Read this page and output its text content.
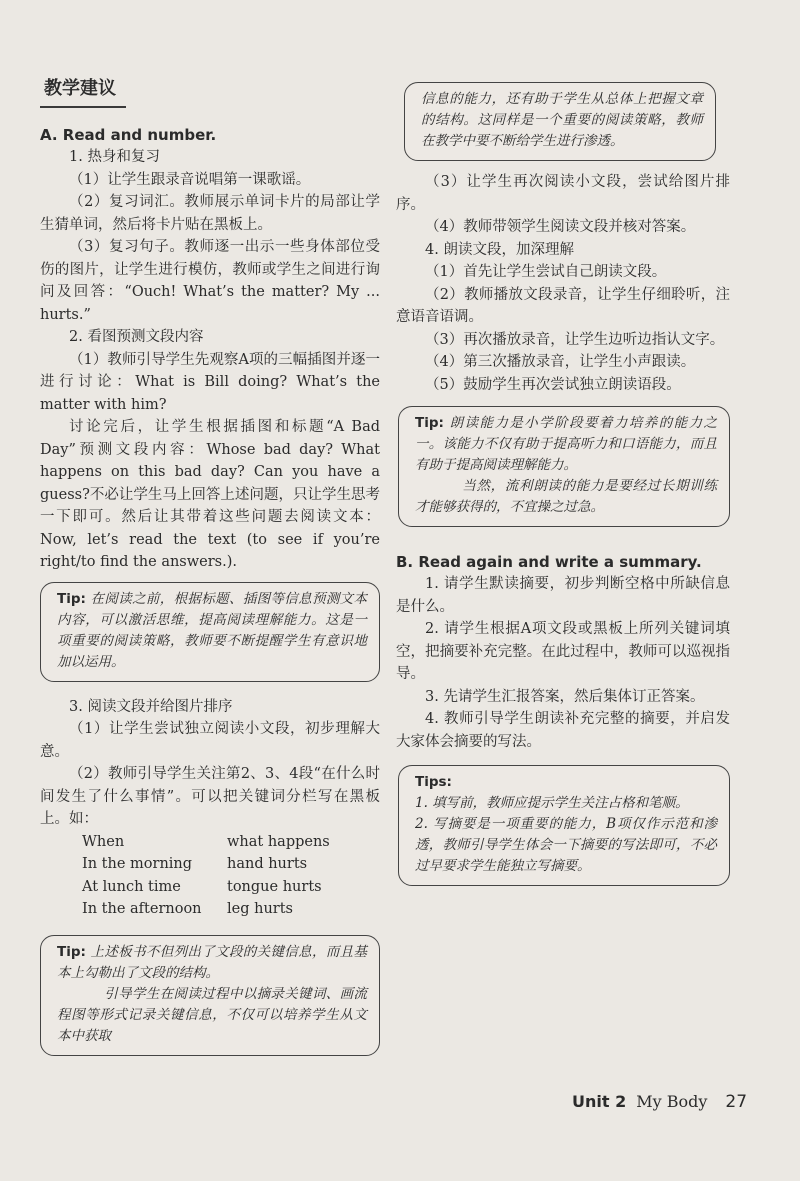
教学建议

A. Read and number.

1. 热身和复习

（1）让学生跟录音说唱第一课歌谣。

（2）复习词汇。教师展示单词卡片的局部让学生猜单词，然后将卡片贴在黑板上。

（3）复习句子。教师逐一出示一些身体部位受伤的图片，让学生进行模仿，教师或学生之间进行询问及回答：“Ouch! What’s the matter? My ... hurts.”

2. 看图预测文段内容

（1）教师引导学生先观察A项的三幅插图并逐一进行讨论：What is Bill doing? What’s the matter with him?

讨论完后，让学生根据插图和标题“A Bad Day”预测文段内容：Whose bad day? What happens on this bad day? Can you have a guess?不必让学生马上回答上述问题，只让学生思考一下即可。然后让其带着这些问题去阅读文本：Now, let’s read the text (to see if you’re right/to find the answers.).

Tip: 在阅读之前，根据标题、插图等信息预测文本内容，可以激活思维，提高阅读理解能力。这是一项重要的阅读策略，教师要不断提醒学生有意识地加以运用。

3. 阅读文段并给图片排序

（1）让学生尝试独立阅读小文段，初步理解大意。

（2）教师引导学生关注第2、3、4段“在什么时间发生了什么事情”。可以把关键词分栏写在黑板上。如：

When	what happens
In the morning	hand hurts
At lunch time	tongue hurts
In the afternoon	leg hurts

Tip: 上述板书不但列出了文段的关键信息，而且基本上勾勒出了文段的结构。

引导学生在阅读过程中以摘录关键词、画流程图等形式记录关键信息，不仅可以培养学生从文本中获取

信息的能力，还有助于学生从总体上把握文章的结构。这同样是一个重要的阅读策略，教师在教学中要不断给学生进行渗透。

（3）让学生再次阅读小文段，尝试给图片排序。

（4）教师带领学生阅读文段并核对答案。

4. 朗读文段，加深理解

（1）首先让学生尝试自己朗读文段。

（2）教师播放文段录音，让学生仔细聆听，注意语音语调。

（3）再次播放录音，让学生边听边指认文字。

（4）第三次播放录音，让学生小声跟读。

（5）鼓励学生再次尝试独立朗读语段。

Tip: 朗读能力是小学阶段要着力培养的能力之一。该能力不仅有助于提高听力和口语能力，而且有助于提高阅读理解能力。

当然，流利朗读的能力是要经过长期训练才能够获得的，不宜操之过急。

B. Read again and write a summary.

1. 请学生默读摘要，初步判断空格中所缺信息是什么。

2. 请学生根据A项文段或黑板上所列关键词填空，把摘要补充完整。在此过程中，教师可以巡视指导。

3. 先请学生汇报答案，然后集体订正答案。

4. 教师引导学生朗读补充完整的摘要，并启发大家体会摘要的写法。

Tips:

1. 填写前，教师应提示学生关注占格和笔顺。

2. 写摘要是一项重要的能力，B项仅作示范和渗透，教师引导学生体会一下摘要的写法即可，不必过早要求学生能独立写摘要。

Unit 2 My Body 27
